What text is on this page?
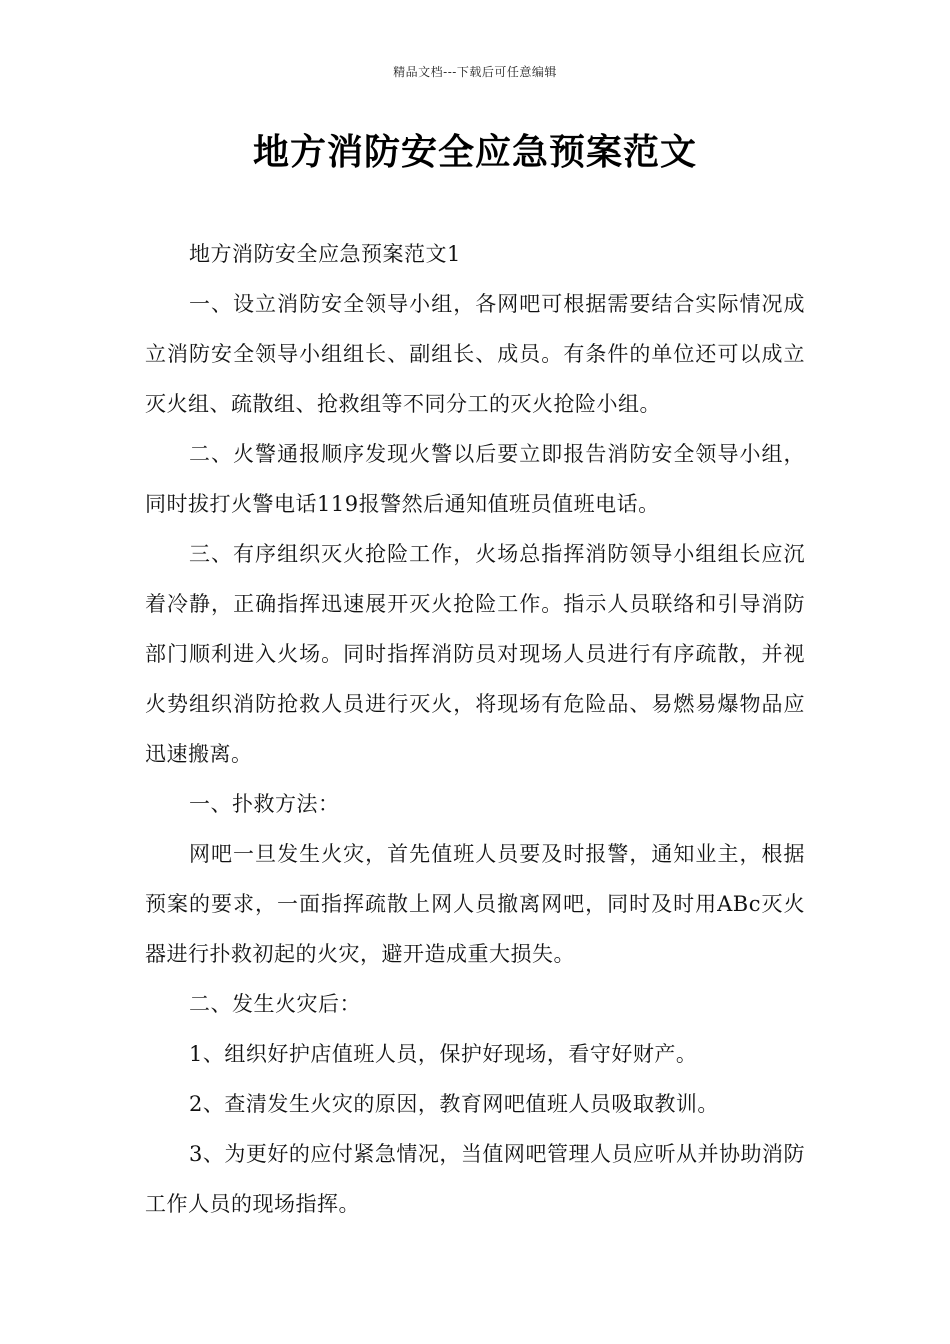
精品文档---下载后可任意编辑
地方消防安全应急预案范文

地方消防安全应急预案范文1

一、设立消防安全领导小组，各网吧可根据需要结合实际情况成立消防安全领导小组组长、副组长、成员。有条件的单位还可以成立灭火组、疏散组、抢救组等不同分工的灭火抢险小组。

二、火警通报顺序发现火警以后要立即报告消防安全领导小组，同时拔打火警电话119报警然后通知值班员值班电话。

三、有序组织灭火抢险工作，火场总指挥消防领导小组组长应沉着冷静，正确指挥迅速展开灭火抢险工作。指示人员联络和引导消防部门顺利进入火场。同时指挥消防员对现场人员进行有序疏散，并视火势组织消防抢救人员进行灭火，将现场有危险品、易燃易爆物品应迅速搬离。

一、扑救方法：

网吧一旦发生火灾，首先值班人员要及时报警，通知业主，根据预案的要求，一面指挥疏散上网人员撤离网吧，同时及时用ABc灭火器进行扑救初起的火灾，避开造成重大损失。

二、发生火灾后：

1、组织好护店值班人员，保护好现场，看守好财产。

2、查清发生火灾的原因，教育网吧值班人员吸取教训。

3、为更好的应付紧急情况，当值网吧管理人员应听从并协助消防工作人员的现场指挥。
